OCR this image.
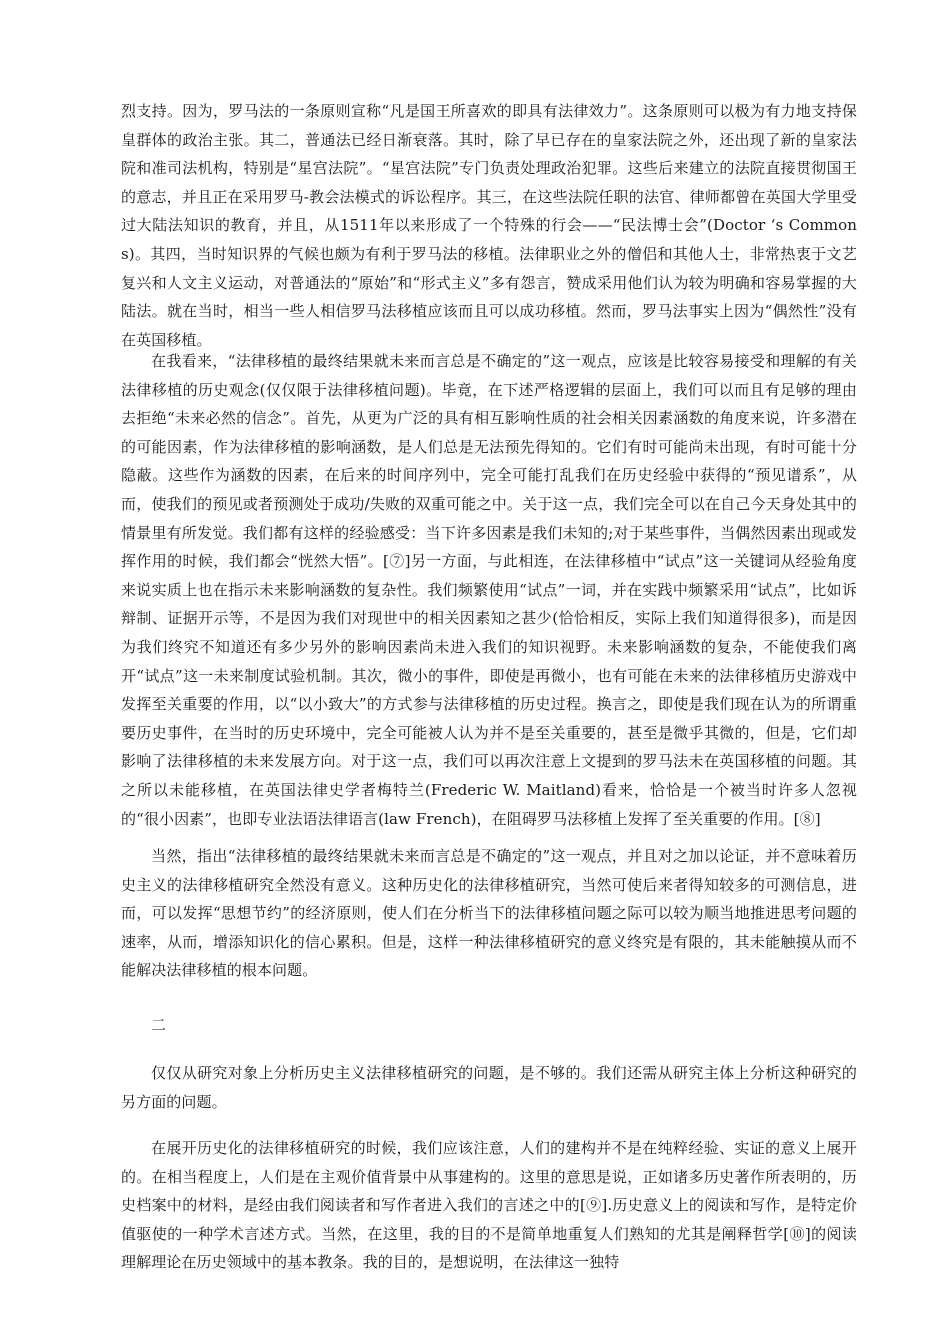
烈支持。因为，罗马法的一条原则宣称“凡是国王所喜欢的即具有法律效力”。这条原则可以极为有力地支持保皇群体的政治主张。其二，普通法已经日渐衰落。其时，除了早已存在的皇家法院之外，还出现了新的皇家法院和准司法机构，特别是“星宫法院”。“星宫法院”专门负责处理政治犯罪。这些后来建立的法院直接贯彻国王的意志，并且正在采用罗马-教会法模式的诉讼程序。其三，在这些法院任职的法官、律师都曾在英国大学里受过大陆法知识的教育，并且，从1511年以来形成了一个特殊的行会——“民法博士会”(Doctor ‘s Commons)。其四，当时知识界的气候也颇为有利于罗马法的移植。法律职业之外的僧侣和其他人士，非常热衷于文艺复兴和人文主义运动，对普通法的“原始”和“形式主义”多有怨言，赞成采用他们认为较为明确和容易掌握的大陆法。就在当时，相当一些人相信罗马法移植应该而且可以成功移植。然而，罗马法事实上因为“偶然性”没有在英国移植。

在我看来，“法律移植的最终结果就未来而言总是不确定的”这一观点，应该是比较容易接受和理解的有关法律移植的历史观念(仅仅限于法律移植问题)。毕竟，在下述严格逻辑的层面上，我们可以而且有足够的理由去拒绝“未来必然的信念”。首先，从更为广泛的具有相互影响性质的社会相关因素涵数的角度来说，许多潜在的可能因素，作为法律移植的影响涵数，是人们总是无法预先得知的。它们有时可能尚未出现，有时可能十分隐蔽。这些作为涵数的因素，在后来的时间序列中，完全可能打乱我们在历史经验中获得的“预见谱系”，从而，使我们的预见或者预测处于成功/失败的双重可能之中。关于这一点，我们完全可以在自己今天身处其中的情景里有所发觉。我们都有这样的经验感受：当下许多因素是我们未知的;对于某些事件，当偶然因素出现或发挥作用的时候，我们都会“恍然大悟”。[⑦]另一方面，与此相连，在法律移植中“试点”这一关键词从经验角度来说实质上也在指示未来影响涵数的复杂性。我们频繁使用“试点”一词，并在实践中频繁采用“试点”，比如诉辩制、证据开示等，不是因为我们对现世中的相关因素知之甚少(恰恰相反，实际上我们知道得很多)，而是因为我们终究不知道还有多少另外的影响因素尚未进入我们的知识视野。未来影响涵数的复杂，不能使我们离开“试点”这一未来制度试验机制。其次，微小的事件，即使是再微小，也有可能在未来的法律移植历史游戏中发挥至关重要的作用，以“以小致大”的方式参与法律移植的历史过程。换言之，即使是我们现在认为的所谓重要历史事件，在当时的历史环境中，完全可能被人认为并不是至关重要的，甚至是微乎其微的，但是，它们却影响了法律移植的未来发展方向。对于这一点，我们可以再次注意上文提到的罗马法未在英国移植的问题。其之所以未能移植，在英国法律史学者梅特兰(Frederic W. Maitland)看来，恰恰是一个被当时许多人忽视的“很小因素”，也即专业法语法律语言(law French)，在阻碍罗马法移植上发挥了至关重要的作用。[⑧]

当然，指出“法律移植的最终结果就未来而言总是不确定的”这一观点，并且对之加以论证，并不意味着历史主义的法律移植研究全然没有意义。这种历史化的法律移植研究，当然可使后来者得知较多的可测信息，进而，可以发挥“思想节约”的经济原则，使人们在分析当下的法律移植问题之际可以较为顺当地推进思考问题的速率，从而，增添知识化的信心累积。但是，这样一种法律移植研究的意义终究是有限的，其未能触摸从而不能解决法律移植的根本问题。

二

仅仅从研究对象上分析历史主义法律移植研究的问题，是不够的。我们还需从研究主体上分析这种研究的另方面的问题。

在展开历史化的法律移植研究的时候，我们应该注意，人们的建构并不是在纯粹经验、实证的意义上展开的。在相当程度上，人们是在主观价值背景中从事建构的。这里的意思是说，正如诸多历史著作所表明的，历史档案中的材料，是经由我们阅读者和写作者进入我们的言述之中的[⑨].历史意义上的阅读和写作，是特定价值驱使的一种学术言述方式。当然，在这里，我的目的不是简单地重复人们熟知的尤其是阐释哲学[⑩]的阅读理解理论在历史领域中的基本教条。我的目的，是想说明，在法律这一独特
